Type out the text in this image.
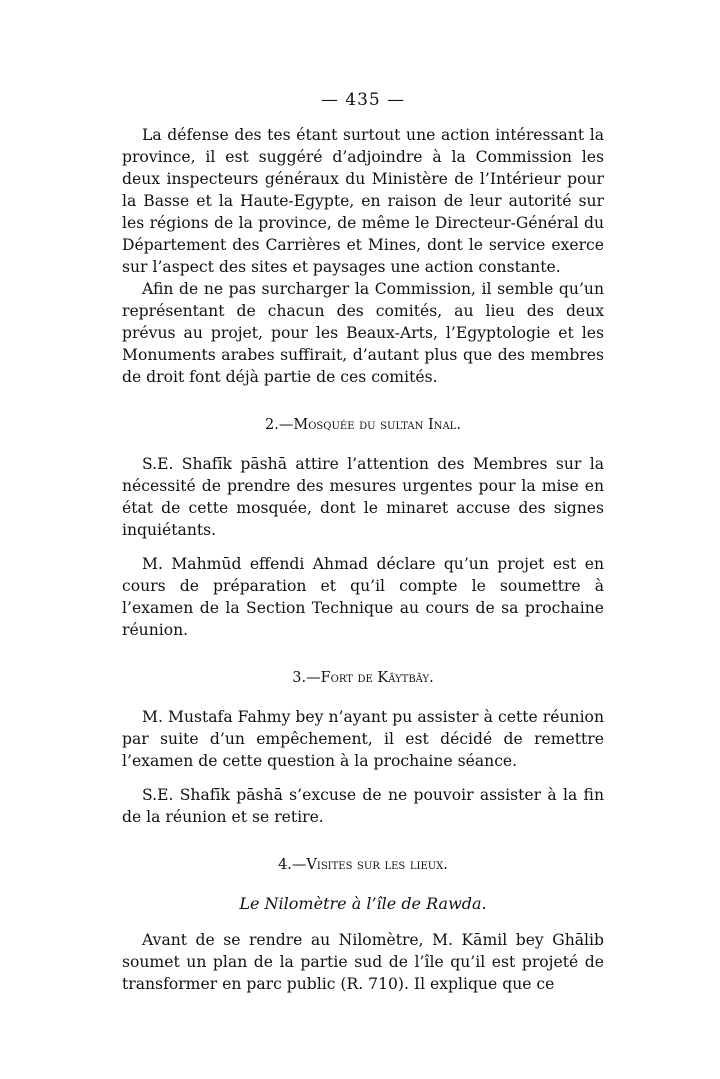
— 435 —

La défense des tes étant surtout une action intéressant la province, il est suggéré d’adjoindre à la Commission les deux inspecteurs généraux du Ministère de l’Intérieur pour la Basse et la Haute-Egypte, en raison de leur autorité sur les régions de la province, de même le Directeur-Général du Département des Carrières et Mines, dont le service exerce sur l’aspect des sites et paysages une action constante.

Afin de ne pas surcharger la Commission, il semble qu’un représentant de chacun des comités, au lieu des deux prévus au projet, pour les Beaux-Arts, l’Egyptologie et les Monuments arabes suffirait, d’autant plus que des membres de droit font déjà partie de ces comités.

2.—Mosquée du sultan Inal.

S.E. Shafīk pāshā attire l’attention des Membres sur la nécessité de prendre des mesures urgentes pour la mise en état de cette mosquée, dont le minaret accuse des signes inquiétants.

M. Mahmūd effendi Ahmad déclare qu’un projet est en cours de préparation et qu’il compte le soumettre à l’examen de la Section Technique au cours de sa prochaine réunion.

3.—Fort de Kāytbāy.

M. Mustafa Fahmy bey n’ayant pu assister à cette réunion par suite d’un empêchement, il est décidé de remettre l’examen de cette question à la prochaine séance.

S.E. Shafīk pāshā s’excuse de ne pouvoir assister à la fin de la réunion et se retire.

4.—Visites sur les lieux.
Le Nilomètre à l’île de Rawda.

Avant de se rendre au Nilomètre, M. Kāmil bey Ghālib soumet un plan de la partie sud de l’île qu’il est projeté de transformer en parc public (R. 710). Il explique que ce
